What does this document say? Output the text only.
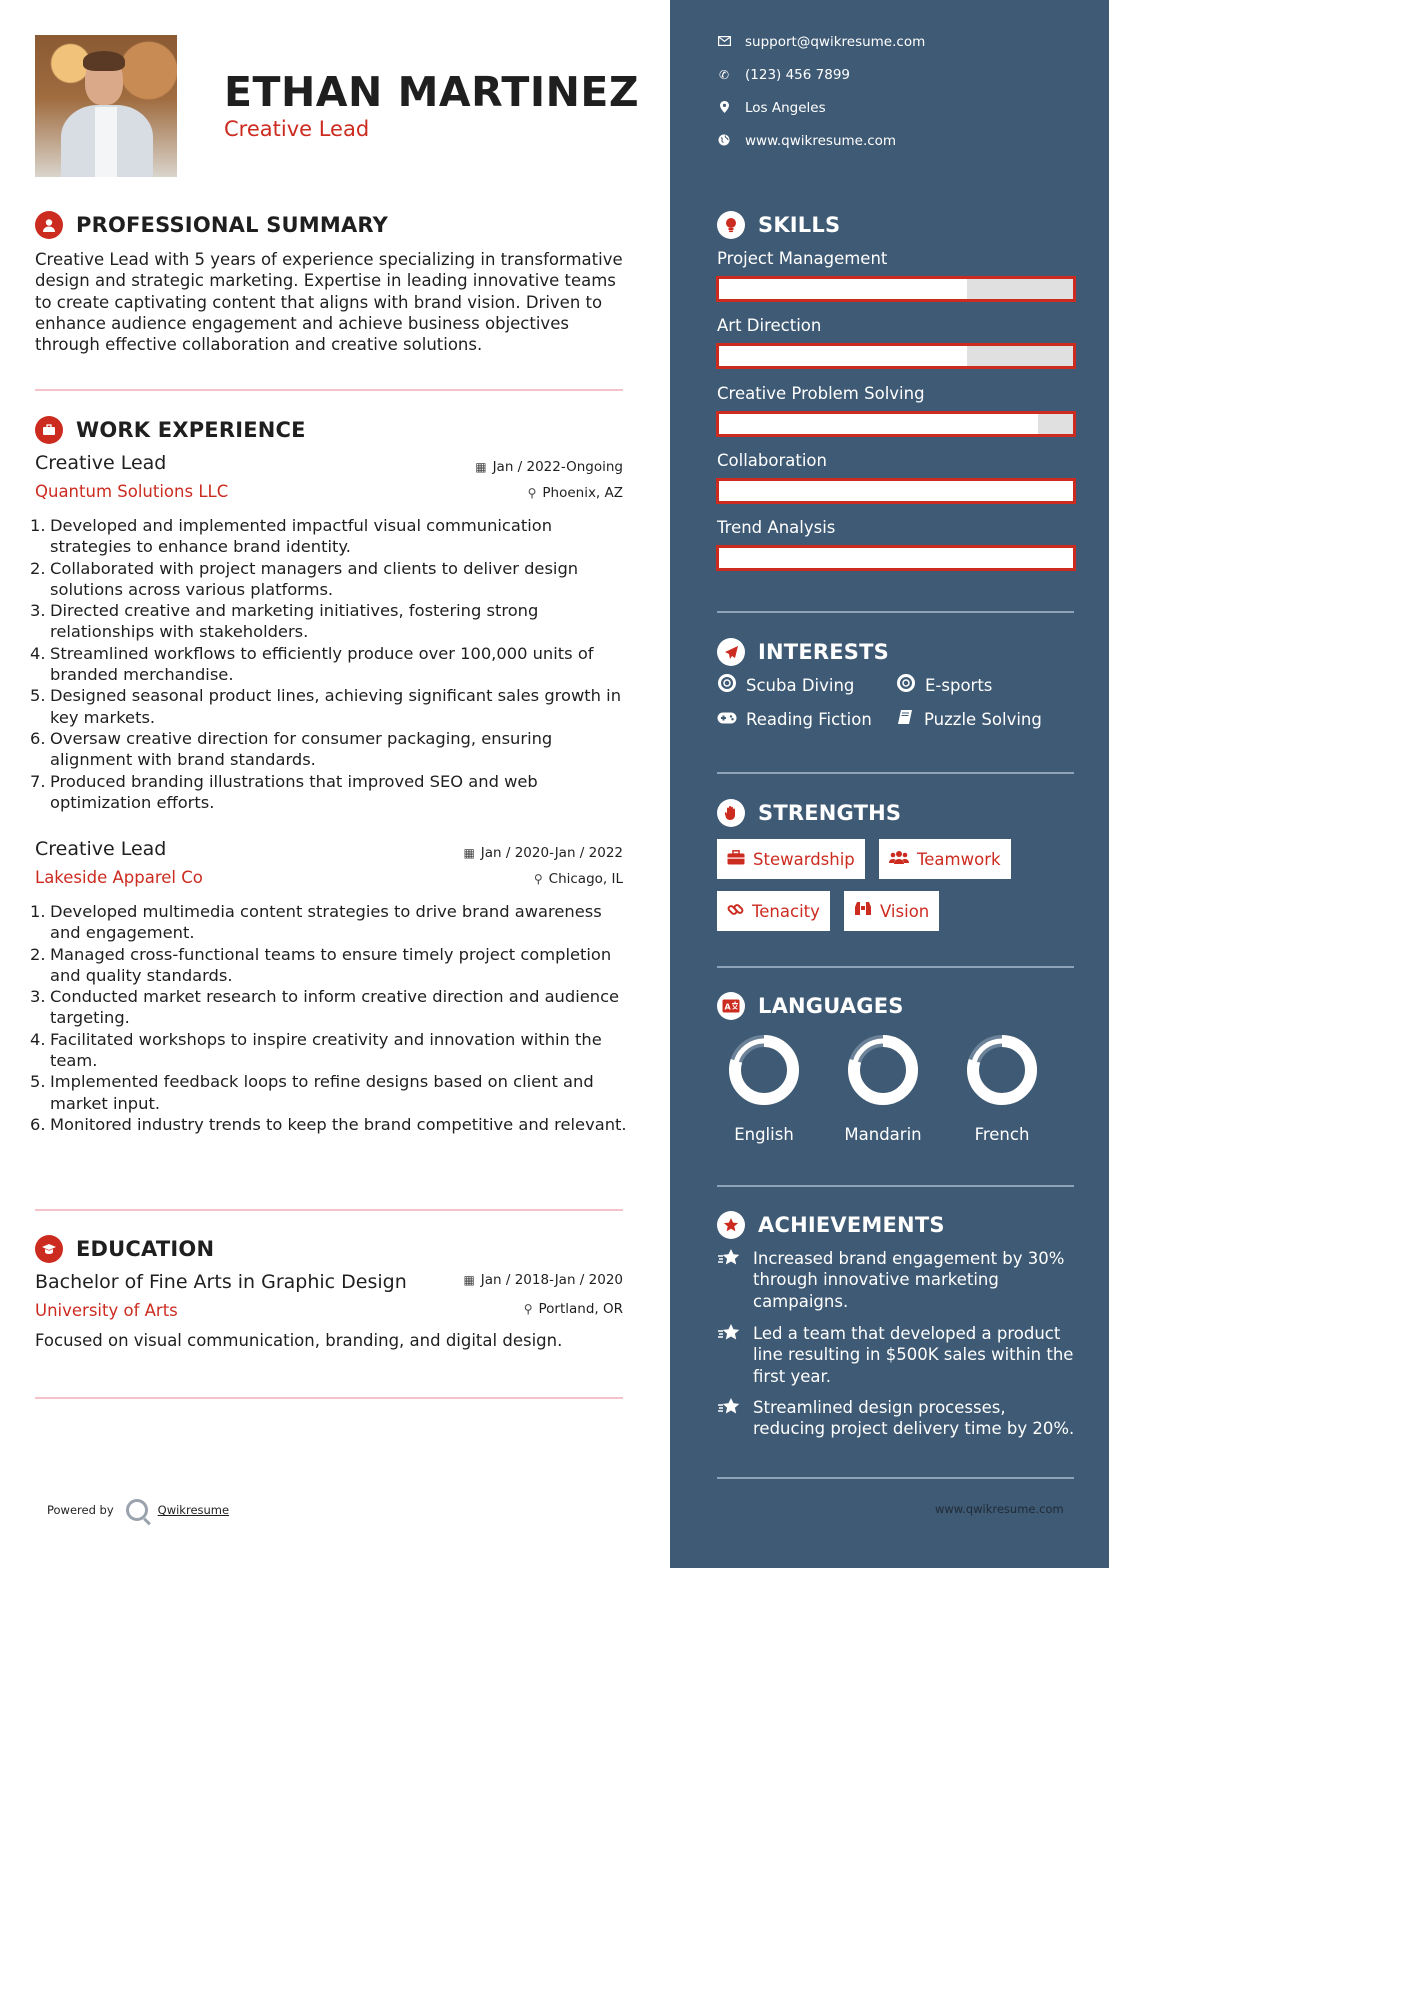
ETHAN MARTINEZ
Creative Lead
PROFESSIONAL SUMMARY
Creative Lead with 5 years of experience specializing in transformative design and strategic marketing. Expertise in leading innovative teams to create captivating content that aligns with brand vision. Driven to enhance audience engagement and achieve business objectives through effective collaboration and creative solutions.
WORK EXPERIENCE
Creative Lead	▦ Jan / 2022-Ongoing
Quantum Solutions LLC	⚲ Phoenix, AZ
1. Developed and implemented impactful visual communication strategies to enhance brand identity.
2. Collaborated with project managers and clients to deliver design solutions across various platforms.
3. Directed creative and marketing initiatives, fostering strong relationships with stakeholders.
4. Streamlined workflows to efficiently produce over 100,000 units of branded merchandise.
5. Designed seasonal product lines, achieving significant sales growth in key markets.
6. Oversaw creative direction for consumer packaging, ensuring alignment with brand standards.
7. Produced branding illustrations that improved SEO and web optimization efforts.
Creative Lead	▦ Jan / 2020-Jan / 2022
Lakeside Apparel Co	⚲ Chicago, IL
1. Developed multimedia content strategies to drive brand awareness and engagement.
2. Managed cross-functional teams to ensure timely project completion and quality standards.
3. Conducted market research to inform creative direction and audience targeting.
4. Facilitated workshops to inspire creativity and innovation within the team.
5. Implemented feedback loops to refine designs based on client and market input.
6. Monitored industry trends to keep the brand competitive and relevant.
EDUCATION
Bachelor of Fine Arts in Graphic Design	▦ Jan / 2018-Jan / 2020
University of Arts	⚲ Portland, OR
Focused on visual communication, branding, and digital design.
Powered by	Qwikresume
support@qwikresume.com
✆ (123) 456 7899
Los Angeles
www.qwikresume.com
SKILLS
Project Management
Art Direction
Creative Problem Solving
Collaboration
Trend Analysis
INTERESTS
Scuba Diving	E-sports
Reading Fiction	Puzzle Solving
STRENGTHS
Stewardship	Teamwork
Tenacity	Vision
A LANGUAGES
English	Mandarin	French
ACHIEVEMENTS
Increased brand engagement by 30% through innovative marketing campaigns.
Led a team that developed a product line resulting in $500K sales within the first year.
Streamlined design processes, reducing project delivery time by 20%.
www.qwikresume.com
